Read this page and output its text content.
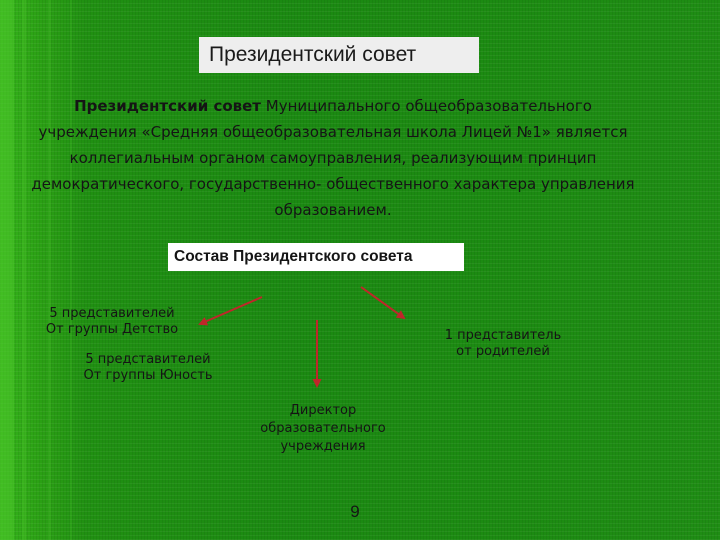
Президентский совет
Президентский совет Муниципального общеобразовательного учреждения «Средняя общеобразовательная школа Лицей №1» является коллегиальным органом самоуправления, реализующим принцип демократического, государственно- общественного характера управления образованием.
Состав Президентского совета
5 представителей
От группы Детство
5 представителей
От группы Юность
1 представитель
от родителей
Директор
образовательного
учреждения
9
